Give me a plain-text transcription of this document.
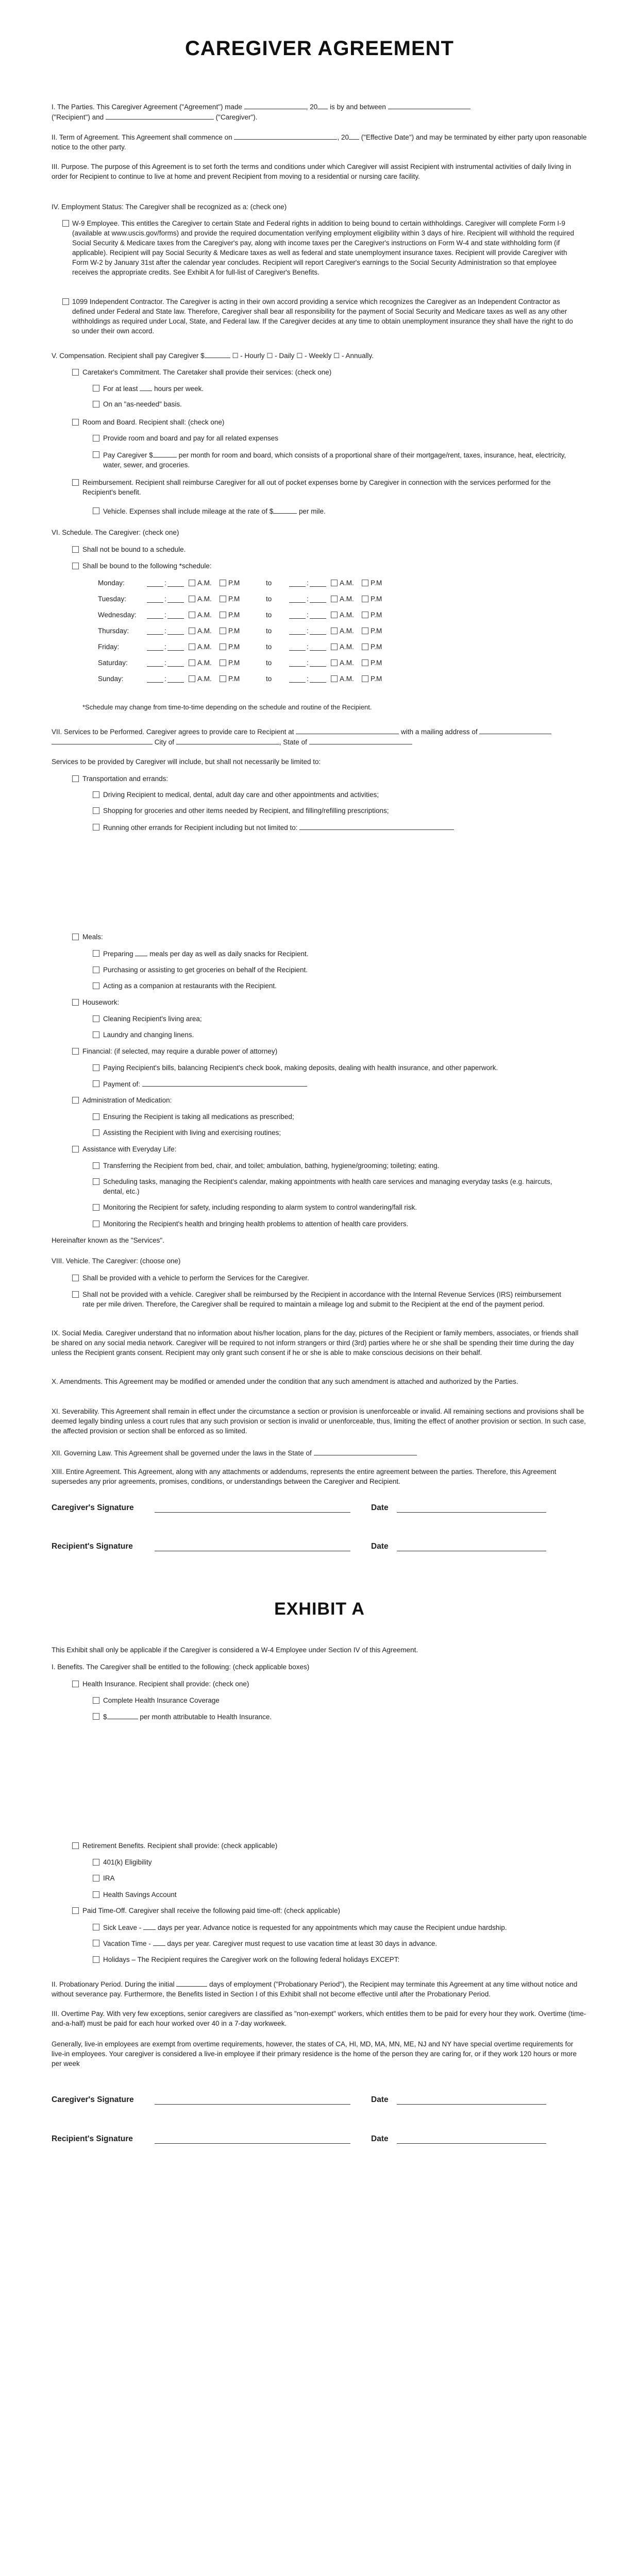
CAREGIVER AGREEMENT
I. The Parties. This Caregiver Agreement ("Agreement") made	, 20 is by and between
("Recipient") and	("Caregiver").
II. Term of Agreement. This Agreement shall commence on	, 20 ("Effective Date") and may be terminated by either party upon reasonable notice to the other party.
III. Purpose. The purpose of this Agreement is to set forth the terms and conditions under which Caregiver will assist Recipient with instrumental activities of daily living in order for Recipient to continue to live at home and prevent Recipient from moving to a residential or nursing care facility.
IV. Employment Status: The Caregiver shall be recognized as a: (check one)
W-9 Employee. This entitles the Caregiver to certain State and Federal rights in addition to being bound to certain withholdings. Caregiver will complete Form I-9 (available at www.uscis.gov/forms) and provide the required documentation verifying employment eligibility within 3 days of hire. Recipient will withhold the required Social Security & Medicare taxes from the Caregiver's pay, along with income taxes per the Caregiver's instructions on Form W-4 and state withholding form (if applicable). Recipient will pay Social Security & Medicare taxes as well as federal and state unemployment insurance taxes. Recipient will provide Caregiver with Form W-2 by January 31st after the calendar year concludes. Recipient will report Caregiver's earnings to the Social Security Administration so that employee receives the appropriate credits. See Exhibit A for full-list of Caregiver's Benefits.
1099 Independent Contractor. The Caregiver is acting in their own accord providing a service which recognizes the Caregiver as an Independent Contractor as defined under Federal and State law. Therefore, Caregiver shall bear all responsibility for the payment of Social Security and Medicare taxes as well as any other withholdings as required under Local, State, and Federal law. If the Caregiver decides at any time to obtain unemployment insurance they shall have the right to do so under their own accord.
V. Compensation. Recipient shall pay Caregiver $	☐ - Hourly ☐ - Daily ☐ - Weekly ☐ - Annually.
Caretaker's Commitment. The Caretaker shall provide their services: (check one)
For at least hours per week.
On an "as-needed" basis.
Room and Board. Recipient shall: (check one)
Provide room and board and pay for all related expenses
Pay Caregiver $	per month for room and board, which consists of a proportional share of their mortgage/rent, taxes, insurance, heat, electricity, water, sewer, and groceries.
Reimbursement. Recipient shall reimburse Caregiver for all out of pocket expenses borne by Caregiver in connection with the services performed for the Recipient's benefit.
Vehicle. Expenses shall include mileage at the rate of $	per mile.
VI. Schedule. The Caregiver: (check one)
Shall not be bound to a schedule.
Shall be bound to the following *schedule:
Monday:	:	A.M. P.M	to	:	A.M. P.M
Tuesday:	:	A.M. P.M	to	:	A.M. P.M
Wednesday:	:	A.M. P.M	to	:	A.M. P.M
Thursday:	:	A.M. P.M	to	:	A.M. P.M
Friday:	:	A.M. P.M	to	:	A.M. P.M
Saturday:	:	A.M. P.M	to	:	A.M. P.M
Sunday:	:	A.M. P.M	to	:	A.M. P.M
*Schedule may change from time-to-time depending on the schedule and routine of the Recipient.
VII. Services to be Performed. Caregiver agrees to provide care to Recipient at	with a mailing address of
City of	, State of
Services to be provided by Caregiver will include, but shall not necessarily be limited to:
Transportation and errands:
Driving Recipient to medical, dental, adult day care and other appointments and activities;
Shopping for groceries and other items needed by Recipient, and filling/refilling prescriptions;
Running other errands for Recipient including but not limited to:
Meals:
Preparing meals per day as well as daily snacks for Recipient.
Purchasing or assisting to get groceries on behalf of the Recipient.
Acting as a companion at restaurants with the Recipient.
Housework:
Cleaning Recipient's living area;
Laundry and changing linens.
Financial: (if selected, may require a durable power of attorney)
Paying Recipient's bills, balancing Recipient's check book, making deposits, dealing with health insurance, and other paperwork.
Payment of:
Administration of Medication:
Ensuring the Recipient is taking all medications as prescribed;
Assisting the Recipient with living and exercising routines;
Assistance with Everyday Life:
Transferring the Recipient from bed, chair, and toilet; ambulation, bathing, hygiene/grooming; toileting; eating.
Scheduling tasks, managing the Recipient's calendar, making appointments with health care services and managing everyday tasks (e.g. haircuts, dental, etc.)
Monitoring the Recipient for safety, including responding to alarm system to control wandering/fall risk.
Monitoring the Recipient's health and bringing health problems to attention of health care providers.
Hereinafter known as the "Services".
VIII. Vehicle. The Caregiver: (choose one)
Shall be provided with a vehicle to perform the Services for the Caregiver.
Shall not be provided with a vehicle. Caregiver shall be reimbursed by the Recipient in accordance with the Internal Revenue Services (IRS) reimbursement rate per mile driven. Therefore, the Caregiver shall be required to maintain a mileage log and submit to the Recipient at the end of the payment period.
IX. Social Media. Caregiver understand that no information about his/her location, plans for the day, pictures of the Recipient or family members, associates, or friends shall be shared on any social media network. Caregiver will be required to not inform strangers or third (3rd) parties where he or she shall be spending their time during the day unless the Recipient grants consent. Recipient may only grant such consent if he or she is able to make conscious decisions on their behalf.
X. Amendments. This Agreement may be modified or amended under the condition that any such amendment is attached and authorized by the Parties.
XI. Severability. This Agreement shall remain in effect under the circumstance a section or provision is unenforceable or invalid. All remaining sections and provisions shall be deemed legally binding unless a court rules that any such provision or section is invalid or unenforceable, thus, limiting the effect of another provision or section. In such case, the affected provision or section shall be enforced as so limited.
XII. Governing Law. This Agreement shall be governed under the laws in the State of
XIII. Entire Agreement. This Agreement, along with any attachments or addendums, represents the entire agreement between the parties. Therefore, this Agreement supersedes any prior agreements, promises, conditions, or understandings between the Caregiver and Recipient.
Caregiver's Signature	Date
Recipient's Signature	Date
EXHIBIT A
This Exhibit shall only be applicable if the Caregiver is considered a W-4 Employee under Section IV of this Agreement.
I. Benefits. The Caregiver shall be entitled to the following: (check applicable boxes)
Health Insurance. Recipient shall provide: (check one)
Complete Health Insurance Coverage
$	per month attributable to Health Insurance.
Retirement Benefits. Recipient shall provide: (check applicable)
401(k) Eligibility
IRA
Health Savings Account
Paid Time-Off. Caregiver shall receive the following paid time-off: (check applicable)
Sick Leave - days per year. Advance notice is requested for any appointments which may cause the Recipient undue hardship.
Vacation Time - days per year. Caregiver must request to use vacation time at least 30 days in advance.
Holidays – The Recipient requires the Caregiver work on the following federal holidays EXCEPT:
II. Probationary Period. During the initial	days of employment ("Probationary Period"), the Recipient may terminate this Agreement at any time without notice and without severance pay. Furthermore, the Benefits listed in Section I of this Exhibit shall not become effective until after the Probationary Period.
III. Overtime Pay. With very few exceptions, senior caregivers are classified as "non-exempt" workers, which entitles them to be paid for every hour they work. Overtime (time-and-a-half) must be paid for each hour worked over 40 in a 7-day workweek.
Generally, live-in employees are exempt from overtime requirements, however, the states of CA, HI, MD, MA, MN, ME, NJ and NY have special overtime requirements for live-in employees. Your caregiver is considered a live-in employee if their primary residence is the home of the person they are caring for, or if they work 120 hours or more per week
Caregiver's Signature	Date
Recipient's Signature	Date
